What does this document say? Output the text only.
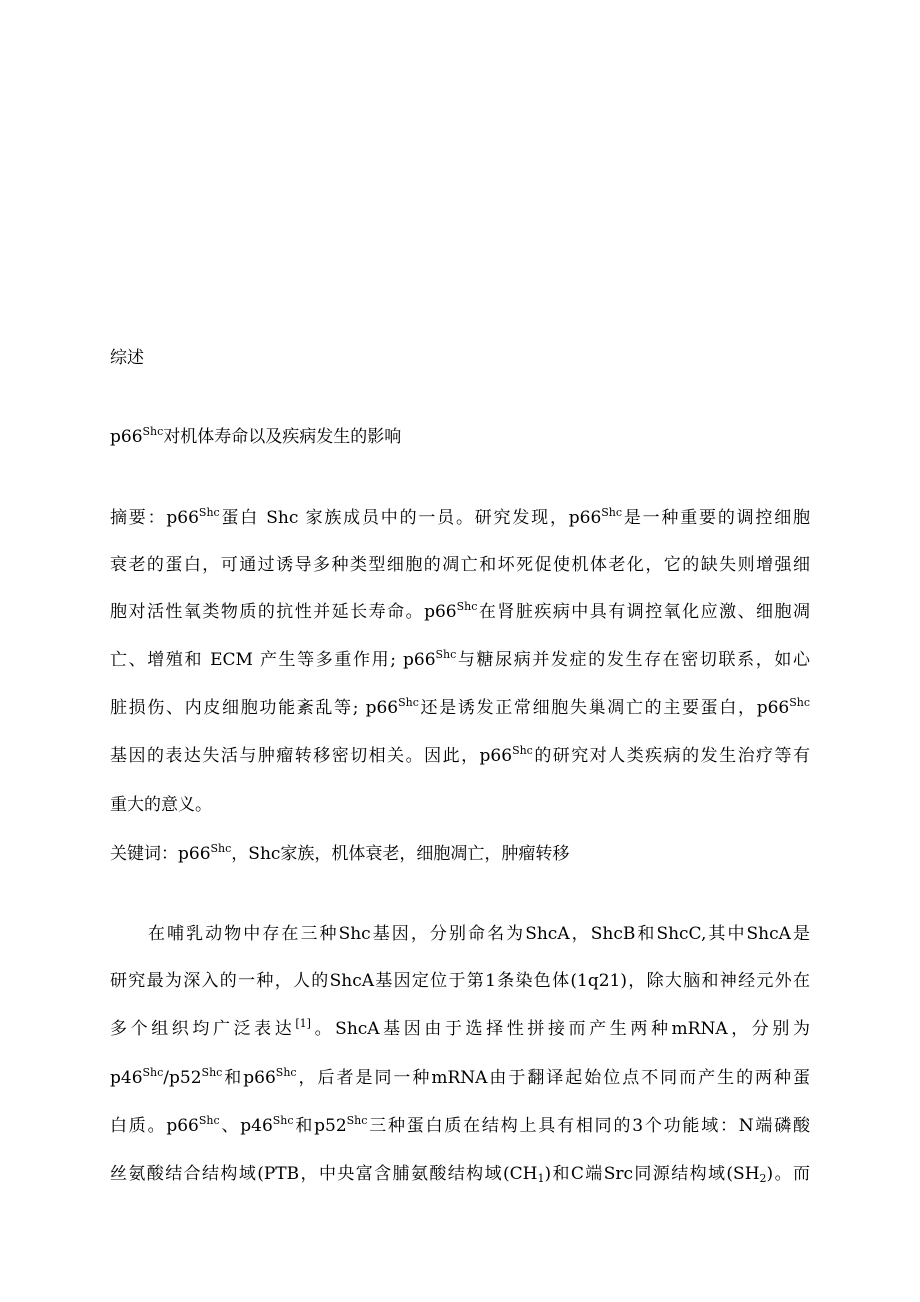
综述
$p66^{Shc}$对机体寿命以及疾病发生的影响
摘要：$p66^{Shc}$蛋白 Shc 家族成员中的一员。研究发现，$p66^{Shc}$是一种重要的调控细胞
衰老的蛋白，可通过诱导多种类型细胞的凋亡和坏死促使机体老化，它的缺失则增强细
胞对活性氧类物质的抗性并延长寿命。$p66^{Shc}$在肾脏疾病中具有调控氧化应激、细胞凋
亡、增殖和 ECM 产生等多重作用; $p66^{Shc}$与糖尿病并发症的发生存在密切联系，如心
脏损伤、内皮细胞功能紊乱等; $p66^{Shc}$还是诱发正常细胞失巢凋亡的主要蛋白，$p66^{Shc}$
基因的表达失活与肿瘤转移密切相关。因此，$p66^{Shc}$的研究对人类疾病的发生治疗等有
重大的意义。
关键词：$p66^{Shc}$，Shc家族，机体衰老，细胞凋亡，肿瘤转移
在哺乳动物中存在三种Shc基因，分别命名为ShcA，ShcB和ShcC,其中ShcA是
研究最为深入的一种，人的ShcA基因定位于第1条染色体(1q21)，除大脑和神经元外在
多个组织均广泛表达[1]。ShcA基因由于选择性拼接而产生两种mRNA，分别为
$p46^{Shc}/p52^{Shc}$和$p66^{Shc}$，后者是同一种mRNA由于翻译起始位点不同而产生的两种蛋
白质。$p66^{Shc}$、$p46^{Shc}$和$p52^{Shc}$三种蛋白质在结构上具有相同的3个功能域：N端磷酸
丝氨酸结合结构域(PTB，中央富含脯氨酸结构域$(CH_1)$和C端Src同源结构域$(SH_2)$。而
